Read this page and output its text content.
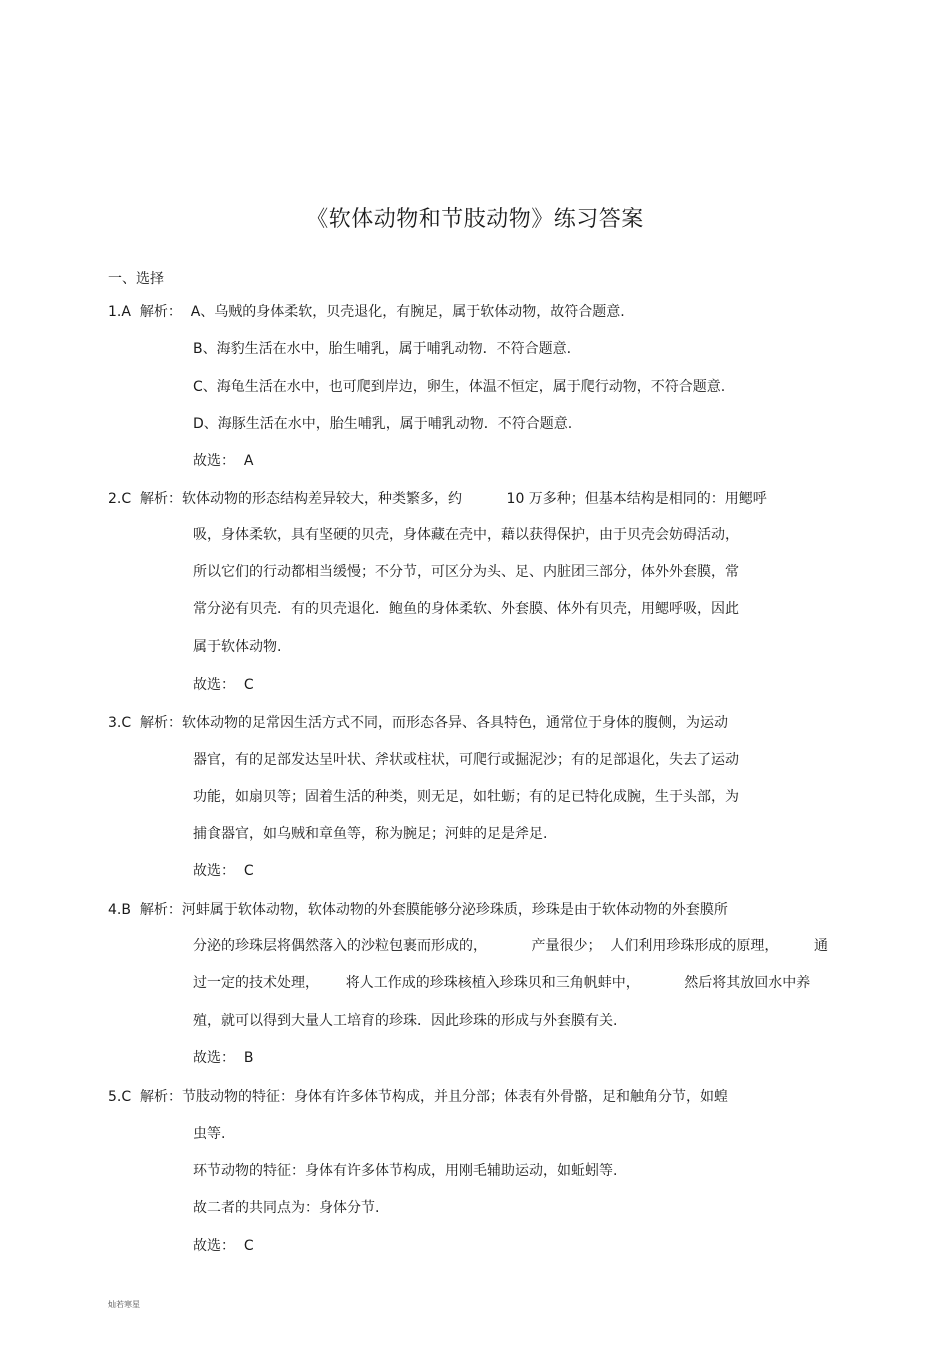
《软体动物和节肢动物》练习答案
一、选择
1.A  解析：  A、乌贼的身体柔软，贝壳退化，有腕足，属于软体动物，故符合题意.
B、海豹生活在水中，胎生哺乳，属于哺乳动物．不符合题意.
C、海龟生活在水中，也可爬到岸边，卵生，体温不恒定，属于爬行动物，不符合题意.
D、海豚生活在水中，胎生哺乳，属于哺乳动物．不符合题意.
故选：  A
2.C  解析：软体动物的形态结构差异较大，种类繁多，约          10 万多种；但基本结构是相同的：用鳃呼
吸，身体柔软，具有坚硬的贝壳，身体藏在壳中，藉以获得保护，由于贝壳会妨碍活动，
所以它们的行动都相当缓慢；不分节，可区分为头、足、内脏团三部分，体外外套膜，常
常分泌有贝壳．有的贝壳退化．鲍鱼的身体柔软、外套膜、体外有贝壳，用鳃呼吸，因此
属于软体动物.
故选：  C
3.C  解析：软体动物的足常因生活方式不同，而形态各异、各具特色，通常位于身体的腹侧，为运动
器官，有的足部发达呈叶状、斧状或柱状，可爬行或掘泥沙；有的足部退化，失去了运动
功能，如扇贝等；固着生活的种类，则无足，如牡蛎；有的足已特化成腕，生于头部，为
捕食器官，如乌贼和章鱼等，称为腕足；河蚌的足是斧足.
故选：  C
4.B  解析：河蚌属于软体动物，软体动物的外套膜能够分泌珍珠质，珍珠是由于软体动物的外套膜所
分泌的珍珠层将偶然落入的沙粒包裹而形成的，          产量很少；  人们利用珍珠形成的原理，        通
过一定的技术处理，      将人工作成的珍珠核植入珍珠贝和三角帆蚌中，          然后将其放回水中养
殖，就可以得到大量人工培育的珍珠．因此珍珠的形成与外套膜有关.
故选：  B
5.C  解析：节肢动物的特征：身体有许多体节构成，并且分部；体表有外骨骼，足和触角分节，如蝗
虫等.
环节动物的特征：身体有许多体节构成，用刚毛辅助运动，如蚯蚓等.
故二者的共同点为：身体分节.
故选：  C
灿若寒星
